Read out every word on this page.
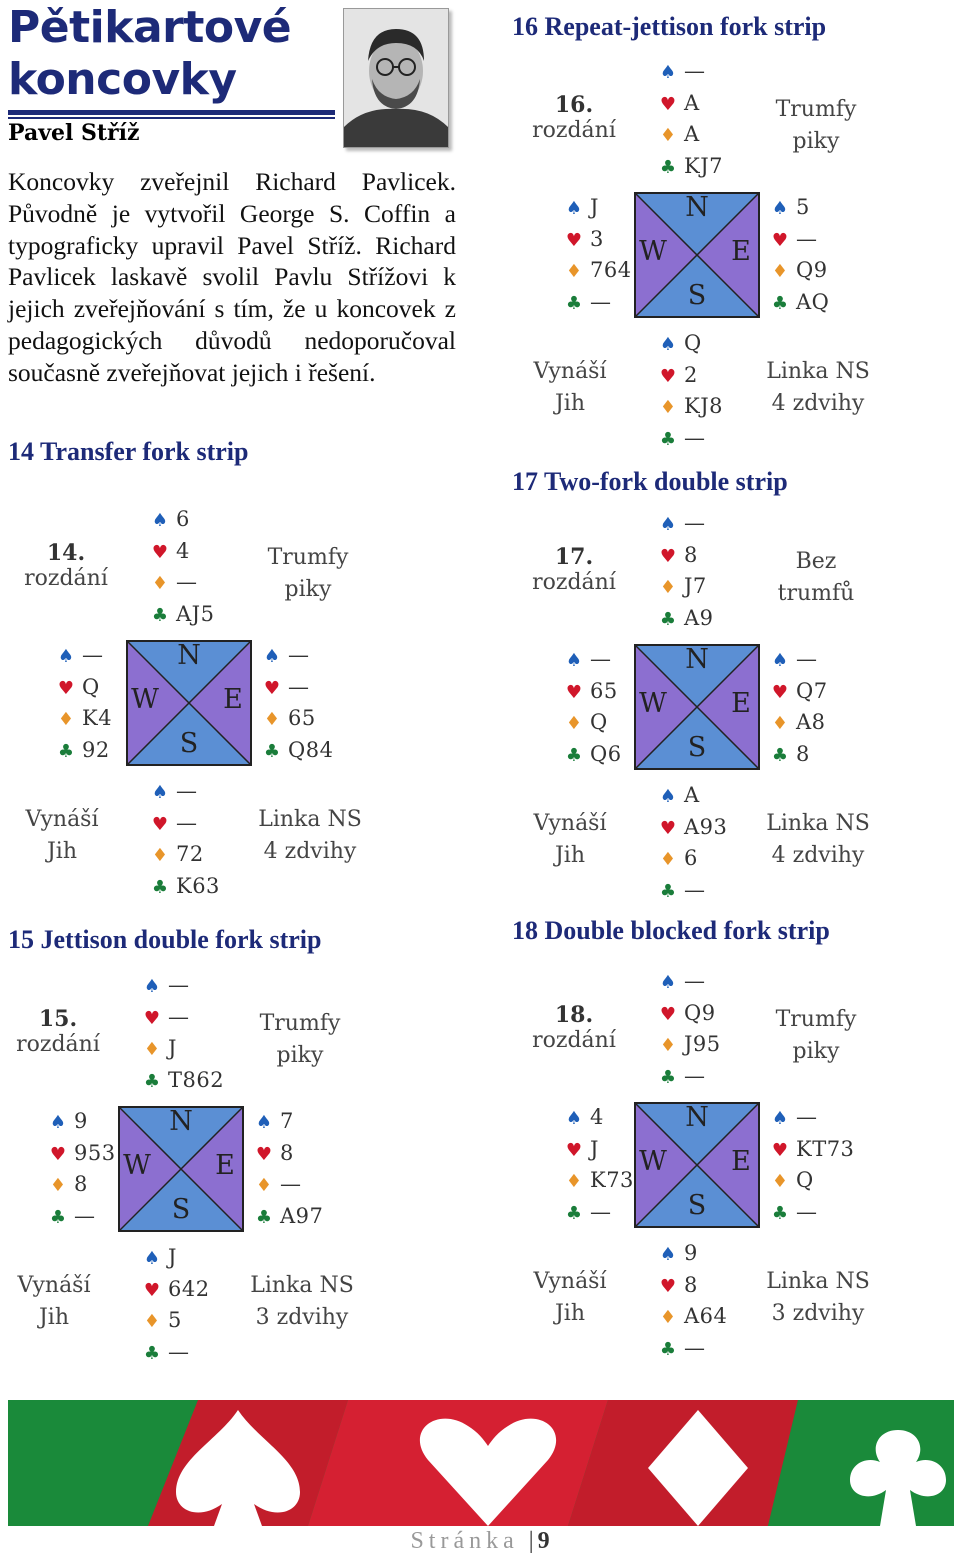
Pětikartové
koncovky
Pavel Stříž

Koncovky zveřejnil Richard Pavlicek. Původně je vytvořil George S. Coffin a typograficky upravil Pavel Stříž. Richard Pavlicek laskavě svolil Pavlu Střížovi k jejich zveřejňování s tím, že u koncovek z pedagogických důvodů nedoporučoval současně zveřejňovat jejich i řešení.

14 Transfer fork strip
15 Jettison double fork strip
16 Repeat-jettison fork strip
17 Two-fork double strip
18 Double blocked fork strip
14.
rozdání
Trumfy
piky
Vynáší
Jih
Linka NS
4 zdvihy
♠ 6
♥ 4
♦ —
♣ AJ5
♠ —
♥ Q
♦ K4
♣ 92
♠ —
♥ —
♦ 65
♣ Q84
♠ —
♥ —
♦ 72
♣ K63
N
W E
S
15.
rozdání
Trumfy
piky
Vynáší
Jih
Linka NS
3 zdvihy
♠ —
♥ —
♦ J
♣ T862
♠ 9
♥ 953
♦ 8
♣ —
♠ 7
♥ 8
♦ —
♣ A97
♠ J
♥ 642
♦ 5
♣ —
N
W E
S
16.
rozdání
Trumfy
piky
Vynáší
Jih
Linka NS
4 zdvihy
♠ —
♥ A
♦ A
♣ KJ7
♠ J
♥ 3
♦ 764
♣ —
♠ 5
♥ —
♦ Q9
♣ AQ
♠ Q
♥ 2
♦ KJ8
♣ —
N
W E
S
17.
rozdání
Bez
trumfů
Vynáší
Jih
Linka NS
4 zdvihy
♠ —
♥ 8
♦ J7
♣ A9
♠ —
♥ 65
♦ Q
♣ Q6
♠ —
♥ Q7
♦ A8
♣ 8
♠ A
♥ A93
♦ 6
♣ —
N
W E
S
18.
rozdání
Trumfy
piky
Vynáší
Jih
Linka NS
3 zdvihy
♠ —
♥ Q9
♦ J95
♣ —
♠ 4
♥ J
♦ K73
♣ —
♠ —
♥ KT73
♦ Q
♣ —
♠ 9
♥ 8
♦ A64
♣ —
N
W E
S
Stránka | 9
